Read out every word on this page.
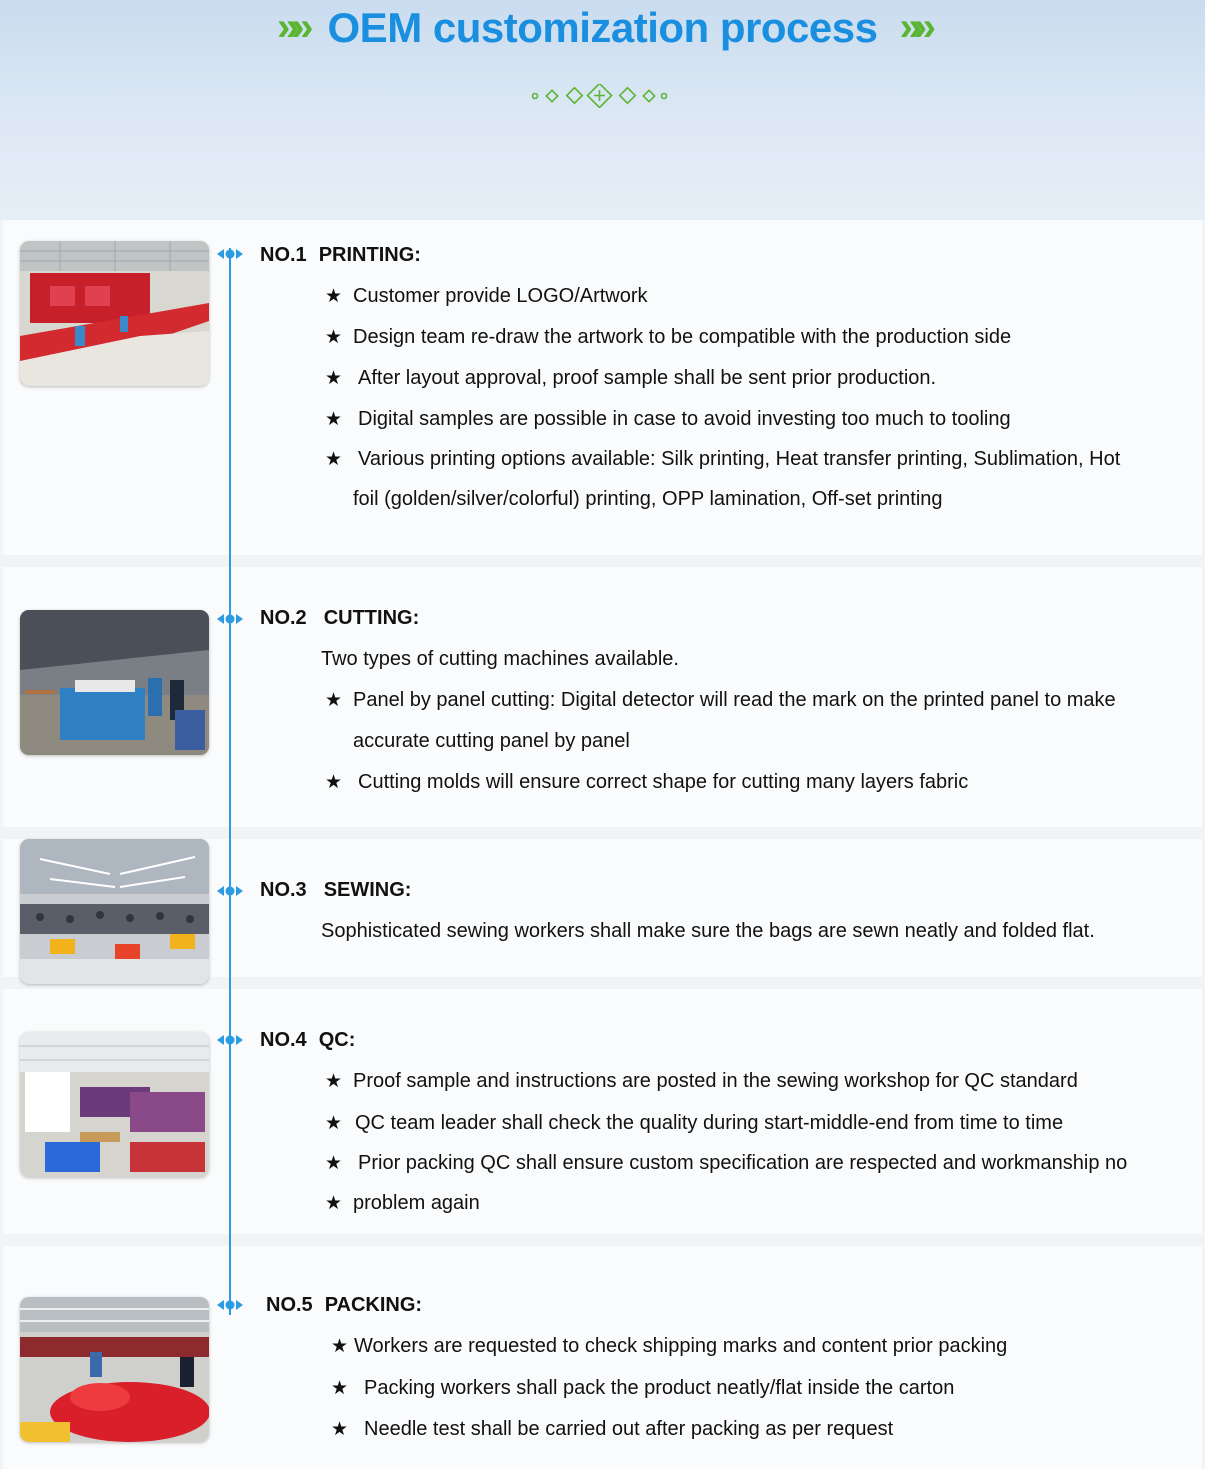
»» OEM customization process »»
NO.1 PRINTING:
★ Customer provide LOGO/Artwork
★ Design team re-draw the artwork to be compatible with the production side
★ After layout approval, proof sample shall be sent prior production.
★ Digital samples are possible in case to avoid investing too much to tooling
★ Various printing options available: Silk printing, Heat transfer printing, Sublimation, Hot
foil (golden/silver/colorful) printing, OPP lamination, Off-set printing
NO.2 CUTTING:
Two types of cutting machines available.
★ Panel by panel cutting: Digital detector will read the mark on the printed panel to make
accurate cutting panel by panel
★ Cutting molds will ensure correct shape for cutting many layers fabric
NO.3 SEWING:
Sophisticated sewing workers shall make sure the bags are sewn neatly and folded flat.
NO.4 QC:
★ Proof sample and instructions are posted in the sewing workshop for QC standard
★ QC team leader shall check the quality during start-middle-end from time to time
★ Prior packing QC shall ensure custom specification are respected and workmanship no
★ problem again
NO.5 PACKING:
★ Workers are requested to check shipping marks and content prior packing
★ Packing workers shall pack the product neatly/flat inside the carton
★ Needle test shall be carried out after packing as per request
